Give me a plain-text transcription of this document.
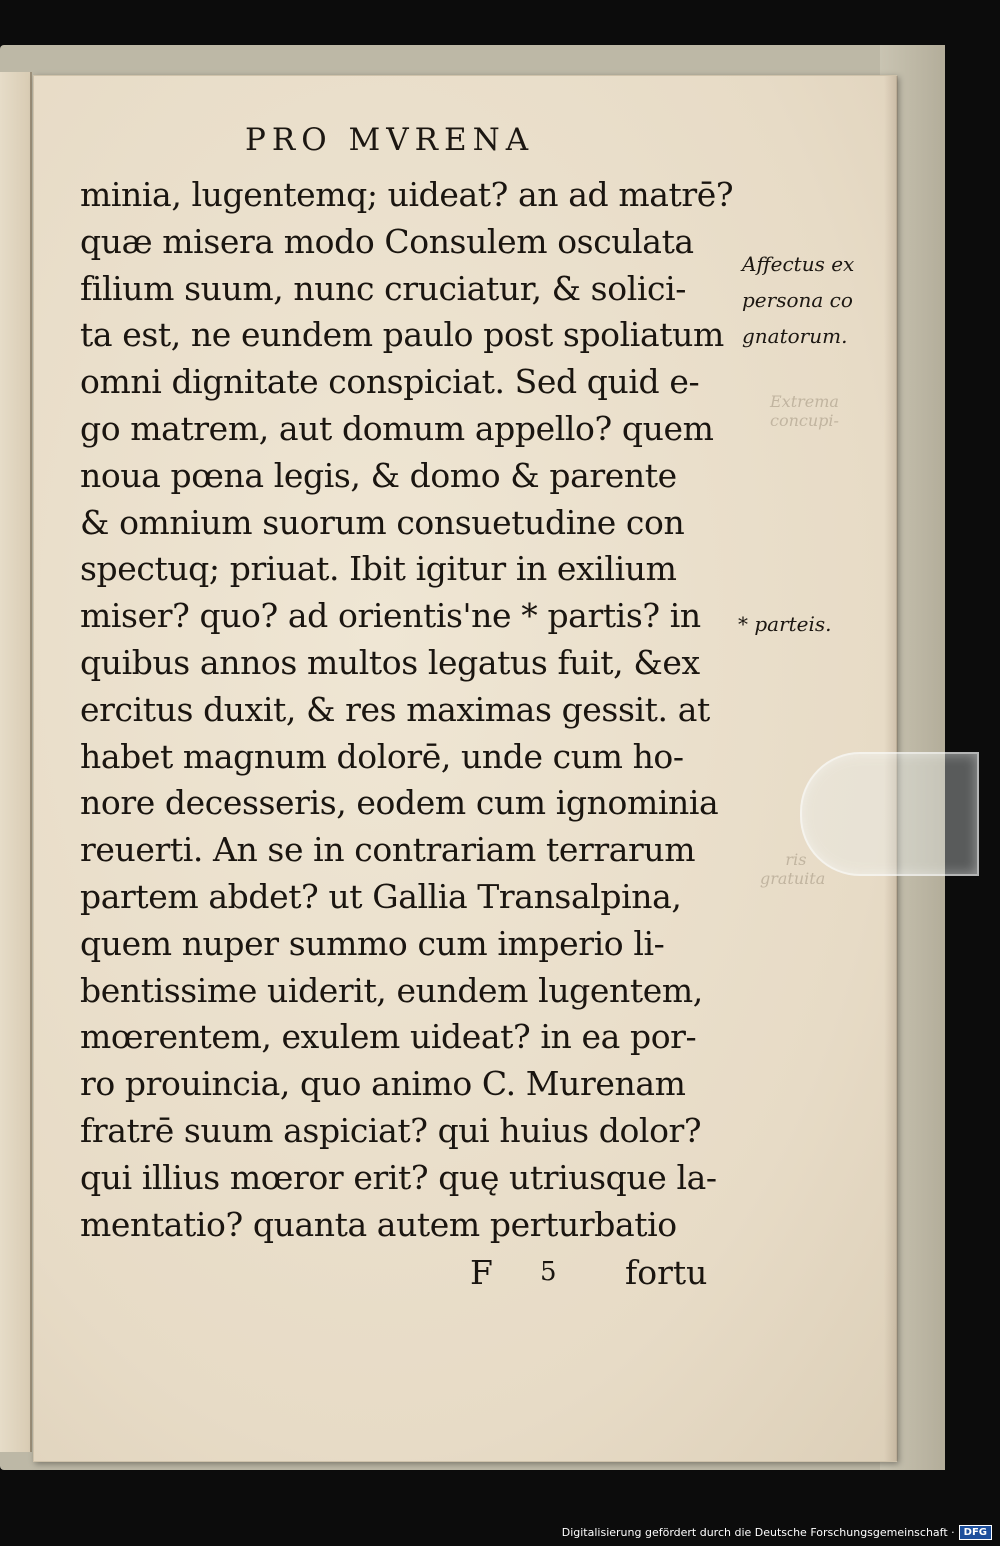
Extrema
concupi-
ris
gratuita
PRO MVRENA
minia, lugentemq; uideat? an ad matrē?
quæ misera modo Consulem osculata
filium suum, nunc cruciatur, & solici-
ta est, ne eundem paulo post spoliatum
omni dignitate conspiciat. Sed quid e-
go matrem, aut domum appello? quem
noua pœna legis, & domo & parente
& omnium suorum consuetudine con
spectuq; priuat. Ibit igitur in exilium
miser? quo? ad orientis'ne * partis? in
quibus annos multos legatus fuit, &ex
ercitus duxit, & res maximas gessit. at
habet magnum dolorē, unde cum ho-
nore decesseris, eodem cum ignominia
reuerti. An se in contrariam terrarum
partem abdet? ut Gallia Transalpina,
quem nuper summo cum imperio li-
bentissime uiderit, eundem lugentem,
mœrentem, exulem uideat? in ea por-
ro prouincia, quo animo C. Murenam
fratrē suum aspiciat? qui huius dolor?
qui illius mœror erit? quę utriusque la-
mentatio? quanta autem perturbatio
F 5 fortu
Affectus ex
persona co
gnatorum.
* parteis.
Digitalisierung gefördert durch die Deutsche Forschungsgemeinschaft · DFG
